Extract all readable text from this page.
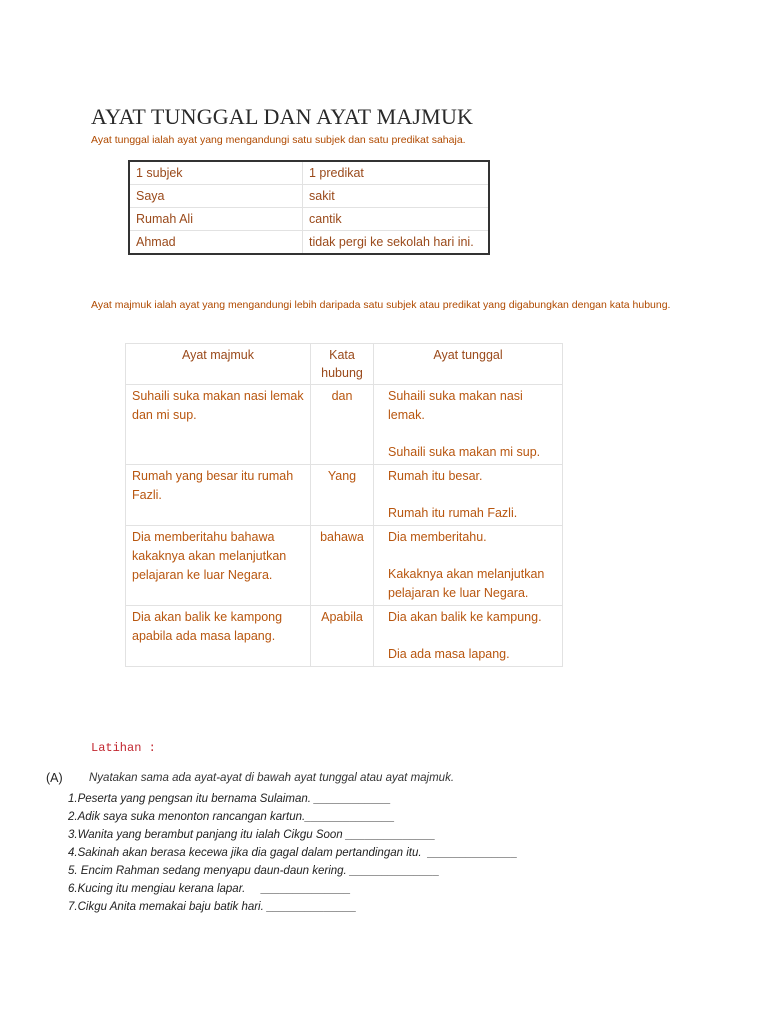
AYAT TUNGGAL DAN AYAT MAJMUK
Ayat tunggal ialah ayat yang mengandungi satu subjek dan satu predikat sahaja.
1 subjek	1 predikat
Saya	sakit
Rumah Ali	cantik
Ahmad	tidak pergi ke sekolah hari ini.
Ayat majmuk ialah ayat yang mengandungi lebih daripada satu subjek atau predikat yang digabungkan dengan kata hubung.
Ayat majmuk	Kata hubung	Ayat tunggal
Suhaili suka makan nasi lemak dan mi sup.	dan	Suhaili suka makan nasi lemak.
Suhaili suka makan mi sup.

Rumah yang besar itu rumah Fazli.	Yang	Rumah itu besar.
Rumah itu rumah Fazli.

Dia memberitahu bahawa kakaknya akan melanjutkan pelajaran ke luar Negara.	bahawa	Dia memberitahu.
Kakaknya akan melanjutkan pelajaran ke luar Negara.

Dia akan balik ke kampong apabila ada masa lapang.	Apabila	Dia akan balik ke kampung.
Dia ada masa lapang.
Latihan :
(A)	Nyatakan sama ada ayat-ayat di bawah ayat tunggal atau ayat majmuk.
1.Peserta yang pengsan itu bernama Sulaiman. ____________
2.Adik saya suka menonton rancangan kartun.______________
3.Wanita yang berambut panjang itu ialah Cikgu Soon ______________
4.Sakinah akan berasa kecewa jika dia gagal dalam pertandingan itu.  ______________
5. Encim Rahman sedang menyapu daun-daun kering. ______________
6.Kucing itu mengiau kerana lapar.     ______________
7.Cikgu Anita memakai baju batik hari. ______________
